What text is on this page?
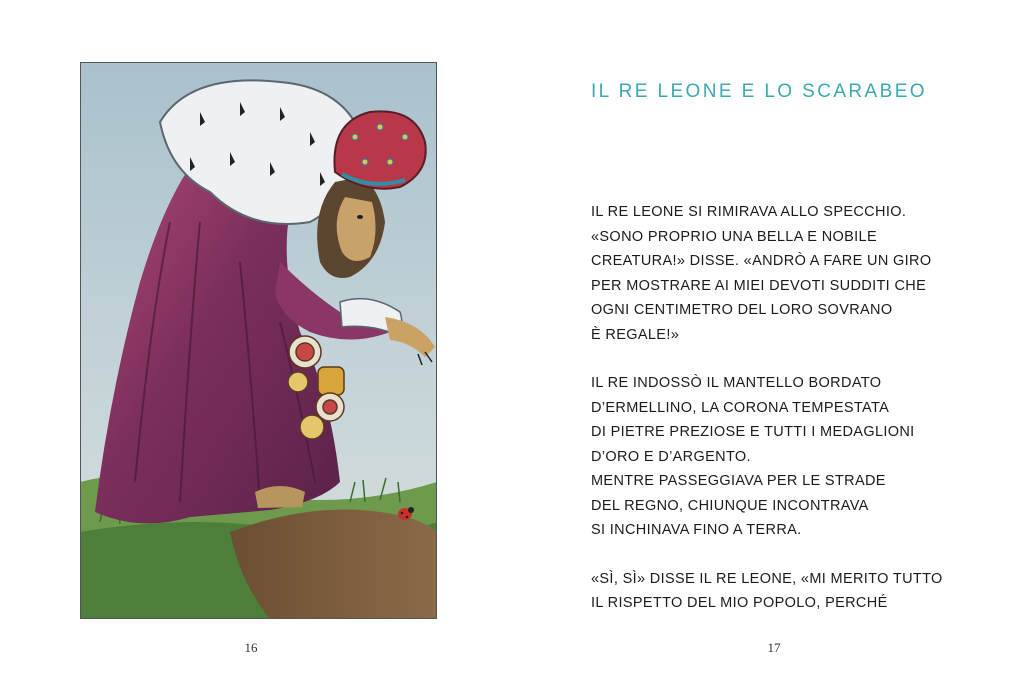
16
IL RE LEONE E LO SCARABEO
IL RE LEONE SI RIMIRAVA ALLO SPECCHIO.
«SONO PROPRIO UNA BELLA E NOBILE
CREATURA!» DISSE. «ANDRÒ A FARE UN GIRO
PER MOSTRARE AI MIEI DEVOTI SUDDITI CHE
OGNI CENTIMETRO DEL LORO SOVRANO
È REGALE!»
IL RE INDOSSÒ IL MANTELLO BORDATO
D’ERMELLINO, LA CORONA TEMPESTATA
DI PIETRE PREZIOSE E TUTTI I MEDAGLIONI
D’ORO E D’ARGENTO.
MENTRE PASSEGGIAVA PER LE STRADE
DEL REGNO, CHIUNQUE INCONTRAVA
SI INCHINAVA FINO A TERRA.
«SÌ, SÌ» DISSE IL RE LEONE, «MI MERITO TUTTO
IL RISPETTO DEL MIO POPOLO, PERCHÉ
17
